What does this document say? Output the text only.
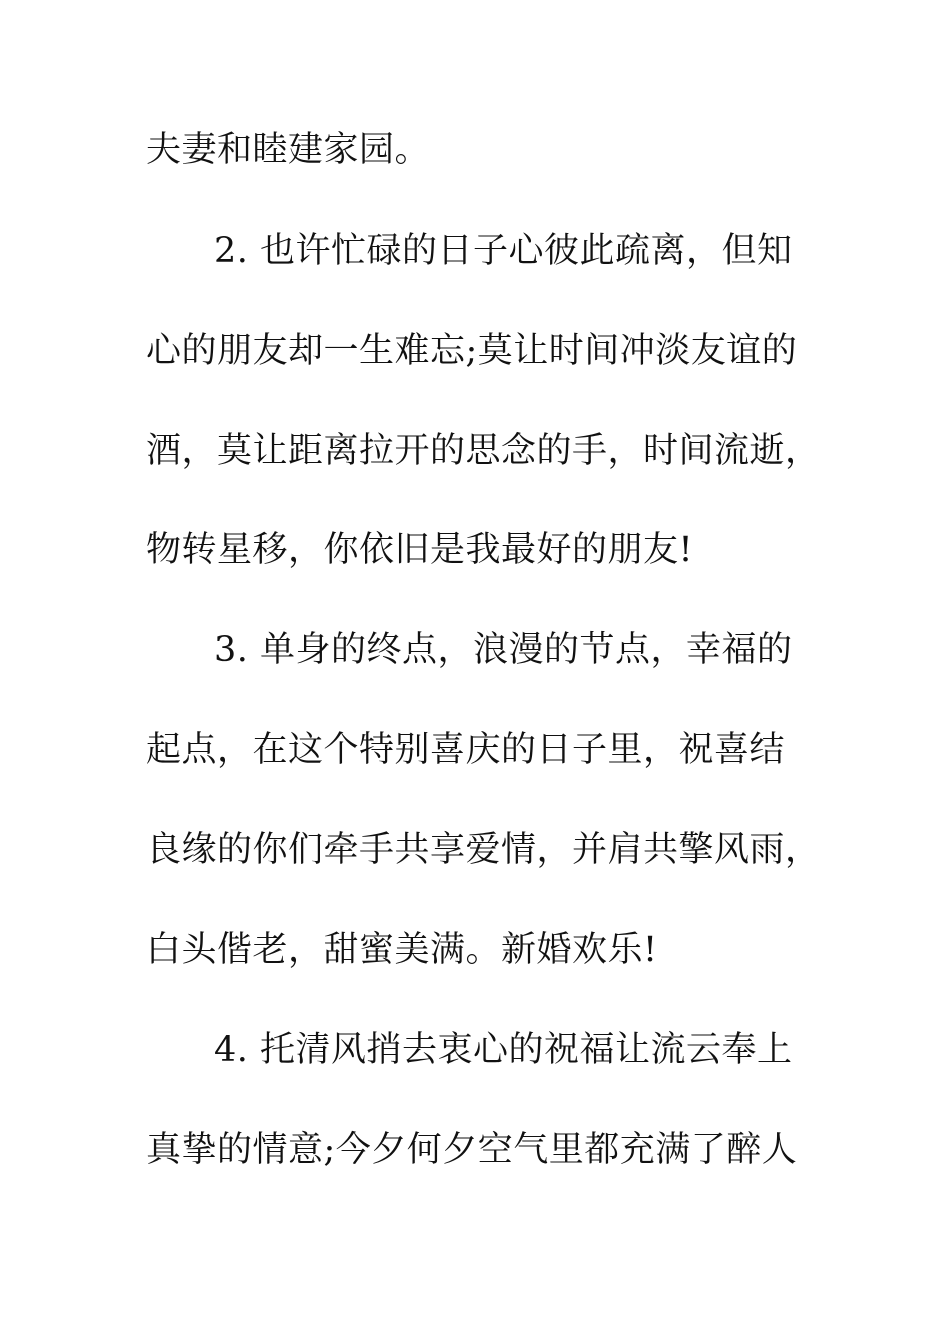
夫妻和睦建家园。
2. 也许忙碌的日子心彼此疏离，但知
心的朋友却一生难忘;莫让时间冲淡友谊的
酒，莫让距离拉开的思念的手，时间流逝，
物转星移，你依旧是我最好的朋友!
3. 单身的终点，浪漫的节点，幸福的
起点，在这个特别喜庆的日子里，祝喜结
良缘的你们牵手共享爱情，并肩共擎风雨，
白头偕老，甜蜜美满。新婚欢乐!
4. 托清风捎去衷心的祝福让流云奉上
真挚的情意;今夕何夕空气里都充满了醉人
